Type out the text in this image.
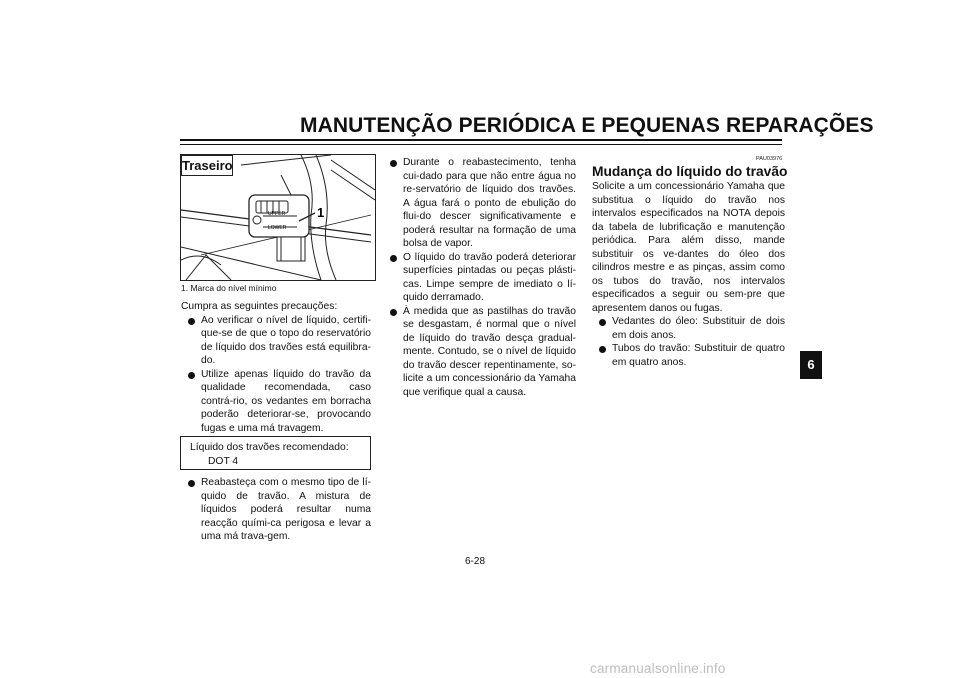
MANUTENÇÃO PERIÓDICA E PEQUENAS REPARAÇÕES
UPPER
LOWER
1
Traseiro
1. Marca do nível mínimo
Cumpra as seguintes precauções:
Ao verificar o nível de líquido, certifi-que-se de que o topo do reservatório de líquido dos travões está equilibra-do.
Utilize apenas líquido do travão da qualidade recomendada, caso contrá-rio, os vedantes em borracha poderão deteriorar-se, provocando fugas e uma má travagem.
Líquido dos travões recomendado:
DOT 4
Reabasteça com o mesmo tipo de lí-quido de travão. A mistura de líquidos poderá resultar numa reacção quími-ca perigosa e levar a uma má trava-gem.
Durante o reabastecimento, tenha cui-dado para que não entre água no re-servatório de líquido dos travões. A água fará o ponto de ebulição do flui-do descer significativamente e poderá resultar na formação de uma bolsa de vapor.
O líquido do travão poderá deteriorar superfícies pintadas ou peças plásti-cas. Limpe sempre de imediato o lí-quido derramado.
À medida que as pastilhas do travão se desgastam, é normal que o nível de líquido do travão desça gradual-mente. Contudo, se o nível de líquido do travão descer repentinamente, so-licite a um concessionário da Yamaha que verifique qual a causa.
PAU03976
Mudança do líquido do travão
Solicite a um concessionário Yamaha que substitua o líquido do travão nos intervalos especificados na NOTA depois da tabela de lubrificação e manutenção periódica. Para além disso, mande substituir os ve-dantes do óleo dos cilindros mestre e as pinças, assim como os tubos do travão, nos intervalos especificados a seguir ou sem-pre que apresentem danos ou fugas.
Vedantes do óleo: Substituir de dois em dois anos.
Tubos do travão: Substituir de quatro em quatro anos.	6
6-28
carmanualsonline.info
